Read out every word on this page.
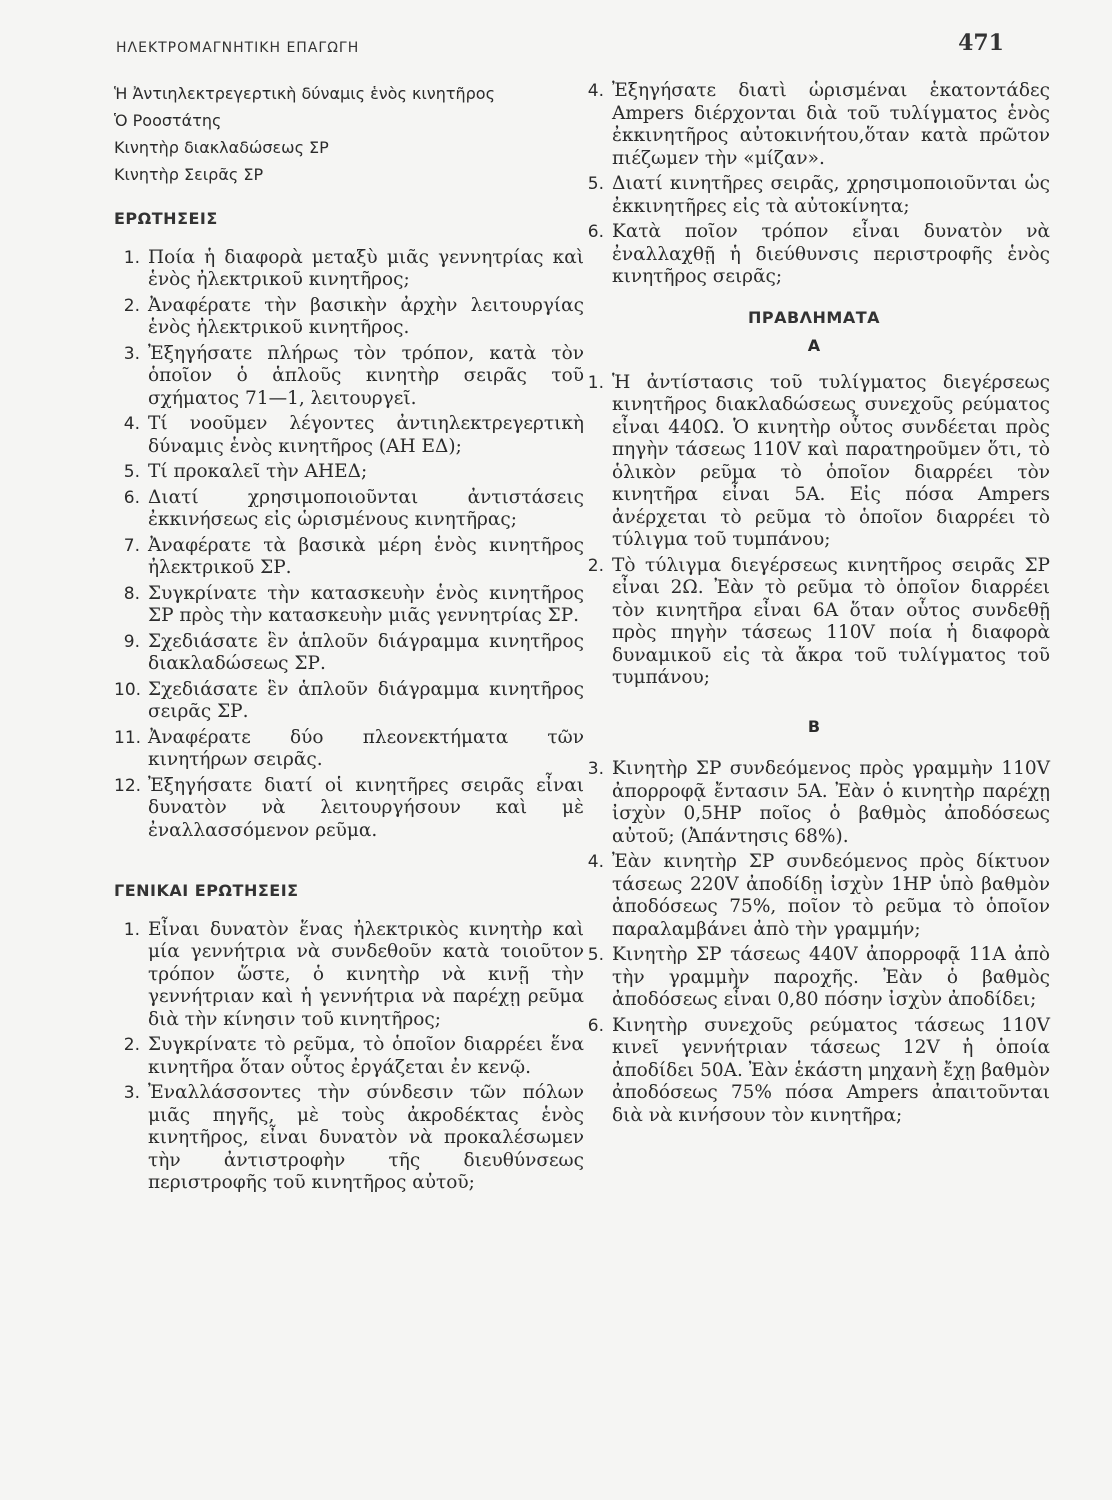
ΗΛΕΚΤΡΟΜΑΓΝΗΤΙΚΗ ΕΠΑΓΩΓΗ	471
Ἡ Ἀντιηλεκτρεγερτικὴ δύναμις ἑνὸς κινητῆρος
Ὁ Ροοστάτης
Κινητὴρ διακλαδώσεως ΣΡ
Κινητὴρ Σειρᾶς ΣΡ
ΕΡΩΤΗΣΕΙΣ
1. Ποία ἡ διαφορὰ μεταξὺ μιᾶς γεννητρίας καὶ ἑνὸς ἠλεκτρικοῦ κινητῆρος;
2. Ἀναφέρατε τὴν βασικὴν ἀρχὴν λειτουργίας ἑνὸς ἠλεκτρικοῦ κινητῆρος.
3. Ἐξηγήσατε πλήρως τὸν τρόπον, κατὰ τὸν ὁποῖον ὁ ἁπλοῦς κινητὴρ σειρᾶς τοῦ σχήματος 71—1, λειτουργεῖ.
4. Τί νοοῦμεν λέγοντες ἀντιηλεκτρεγερτικὴ δύναμις ἑνὸς κινητῆρος (ΑΗ ΕΔ);
5. Τί προκαλεῖ τὴν ΑΗΕΔ;
6. Διατί χρησιμοποιοῦνται ἀντιστάσεις ἐκκινήσεως εἰς ὡρισμένους κινητῆρας;
7. Ἀναφέρατε τὰ βασικὰ μέρη ἑνὸς κινητῆρος ἠλεκτρικοῦ ΣΡ.
8. Συγκρίνατε τὴν κατασκευὴν ἑνὸς κινητῆρος ΣΡ πρὸς τὴν κατασκευὴν μιᾶς γεννητρίας ΣΡ.
9. Σχεδιάσατε ἓν ἁπλοῦν διάγραμμα κινητῆρος διακλαδώσεως ΣΡ.
10. Σχεδιάσατε ἓν ἁπλοῦν διάγραμμα κινητῆρος σειρᾶς ΣΡ.
11. Ἀναφέρατε δύο πλεονεκτήματα τῶν κινητήρων σειρᾶς.
12. Ἐξηγήσατε διατί οἱ κινητῆρες σειρᾶς εἶναι δυνατὸν νὰ λειτουργήσουν καὶ μὲ ἐναλλασσόμενον ρεῦμα.
ΓΕΝΙΚΑΙ ΕΡΩΤΗΣΕΙΣ
1. Εἶναι δυνατὸν ἕνας ἠλεκτρικὸς κινητὴρ καὶ μία γεννήτρια νὰ συνδεθοῦν κατὰ τοιοῦτον τρόπον ὥστε, ὁ κινητὴρ νὰ κινῇ τὴν γεννήτριαν καὶ ἡ γεννήτρια νὰ παρέχῃ ρεῦμα διὰ τὴν κίνησιν τοῦ κινητῆρος;
2. Συγκρίνατε τὸ ρεῦμα, τὸ ὁποῖον διαρρέει ἕνα κινητῆρα ὅταν οὗτος ἐργάζεται ἐν κενῷ.
3. Ἐναλλάσσοντες τὴν σύνδεσιν τῶν πόλων μιᾶς πηγῆς, μὲ τοὺς ἀκροδέκτας ἑνὸς κινητῆρος, εἶναι δυνατὸν νὰ προκαλέσωμεν τὴν ἀντιστροφὴν τῆς διευθύνσεως περιστροφῆς τοῦ κινητῆρος αὐτοῦ;
4. Ἐξηγήσατε διατὶ ὡρισμέναι ἑκατοντάδες Ampers διέρχονται διὰ τοῦ τυλίγματος ἑνὸς ἐκκινητῆρος αὐτοκινήτου,ὅταν κατὰ πρῶτον πιέζωμεν τὴν «μίζαν».
5. Διατί κινητῆρες σειρᾶς, χρησιμοποιοῦνται ὡς ἐκκινητῆρες εἰς τὰ αὐτοκίνητα;
6. Κατὰ ποῖον τρόπον εἶναι δυνατὸν νὰ ἐναλλαχθῇ ἡ διεύθυνσις περιστροφῆς ἑνὸς κινητῆρος σειρᾶς;
ΠΡΑΒΛΗΜΑΤΑ
Α
1. Ἡ ἀντίστασις τοῦ τυλίγματος διεγέρσεως κινητῆρος διακλαδώσεως συνεχοῦς ρεύματος εἶναι 440Ω. Ὁ κινητὴρ οὗτος συνδέεται πρὸς πηγὴν τάσεως 110V καὶ παρατηροῦμεν ὅτι, τὸ ὁλικὸν ρεῦμα τὸ ὁποῖον διαρρέει τὸν κινητῆρα εἶναι 5A. Εἰς πόσα Ampers ἀνέρχεται τὸ ρεῦμα τὸ ὁποῖον διαρρέει τὸ τύλιγμα τοῦ τυμπάνου;
2. Τὸ τύλιγμα διεγέρσεως κινητῆρος σειρᾶς ΣΡ εἶναι 2Ω. Ἐὰν τὸ ρεῦμα τὸ ὁποῖον διαρρέει τὸν κινητῆρα εἶναι 6A ὅταν οὗτος συνδεθῇ πρὸς πηγὴν τάσεως 110V ποία ἡ διαφορὰ δυναμικοῦ εἰς τὰ ἄκρα τοῦ τυλίγματος τοῦ τυμπάνου;
Β
3. Κινητὴρ ΣΡ συνδεόμενος πρὸς γραμμὴν 110V ἀπορροφᾷ ἔντασιν 5A. Ἐὰν ὁ κινητὴρ παρέχῃ ἰσχὺν 0,5HP ποῖος ὁ βαθμὸς ἀποδόσεως αὐτοῦ; (Ἀπάντησις 68%).
4. Ἐὰν κινητὴρ ΣΡ συνδεόμενος πρὸς δίκτυον τάσεως 220V ἀποδίδῃ ἰσχὺν 1HP ὑπὸ βαθμὸν ἀποδόσεως 75%, ποῖον τὸ ρεῦμα τὸ ὁποῖον παραλαμβάνει ἀπὸ τὴν γραμμήν;
5. Κινητὴρ ΣΡ τάσεως 440V ἀπορροφᾷ 11A ἀπὸ τὴν γραμμὴν παροχῆς. Ἐὰν ὁ βαθμὸς ἀποδόσεως εἶναι 0,80 πόσην ἰσχὺν ἀποδίδει;
6. Κινητὴρ συνεχοῦς ρεύματος τάσεως 110V κινεῖ γεννήτριαν τάσεως 12V ἡ ὁποία ἀποδίδει 50A. Ἐὰν ἑκάστη μηχανὴ ἔχῃ βαθμὸν ἀποδόσεως 75% πόσα Ampers ἀπαιτοῦνται διὰ νὰ κινήσουν τὸν κινητῆρα;
